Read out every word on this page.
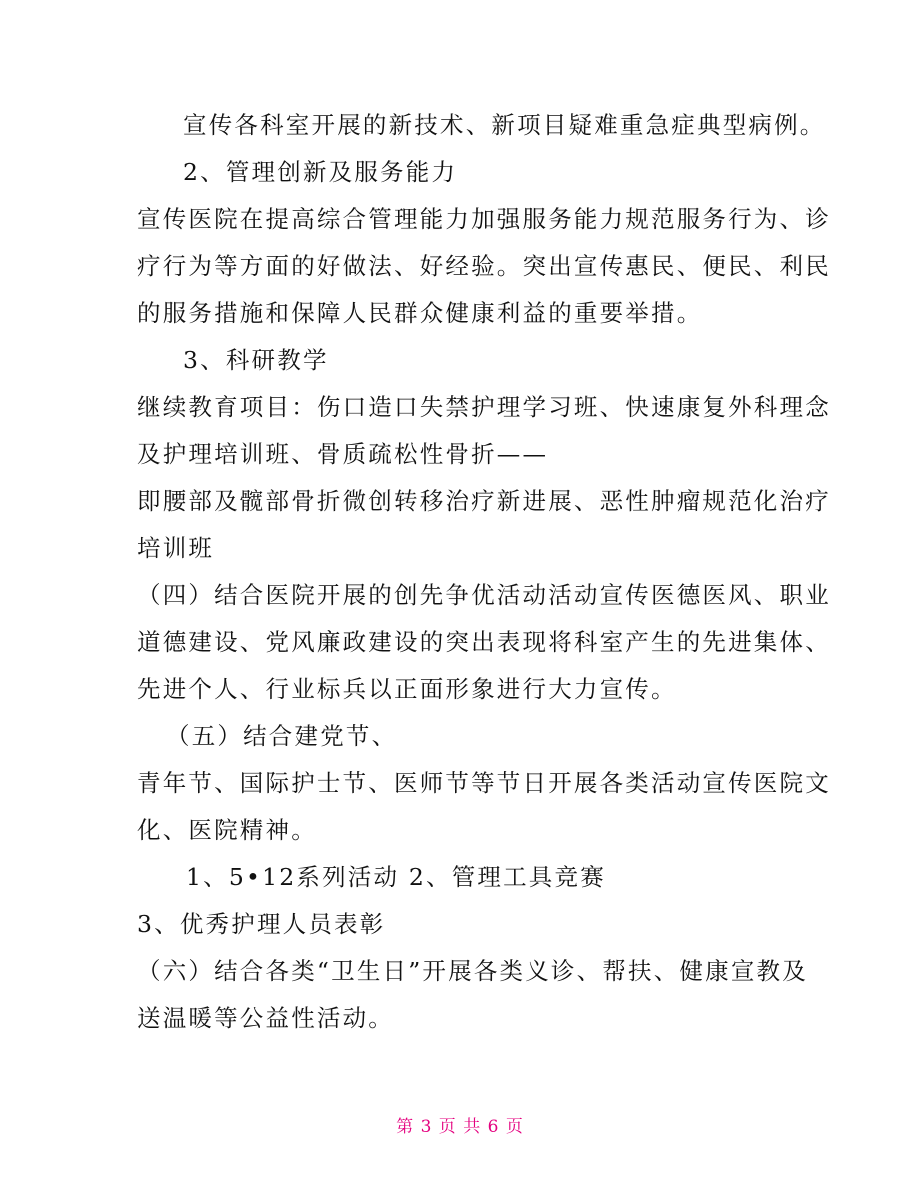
宣传各科室开展的新技术、新项目疑难重急症典型病例。
2、管理创新及服务能力
宣传医院在提高综合管理能力加强服务能力规范服务行为、诊
疗行为等方面的好做法、好经验。突出宣传惠民、便民、利民
的服务措施和保障人民群众健康利益的重要举措。
3、科研教学
继续教育项目：伤口造口失禁护理学习班、快速康复外科理念
及护理培训班、骨质疏松性骨折——
即腰部及髋部骨折微创转移治疗新进展、恶性肿瘤规范化治疗
培训班
（四）结合医院开展的创先争优活动活动宣传医德医风、职业
道德建设、党风廉政建设的突出表现将科室产生的先进集体、
先进个人、行业标兵以正面形象进行大力宣传。
（五）结合建党节、
青年节、国际护士节、医师节等节日开展各类活动宣传医院文
化、医院精神。
1、5•12系列活动 2、管理工具竞赛
3、优秀护理人员表彰
（六）结合各类“卫生日”开展各类义诊、帮扶、健康宣教及
送温暖等公益性活动。
第 3 页 共 6 页
